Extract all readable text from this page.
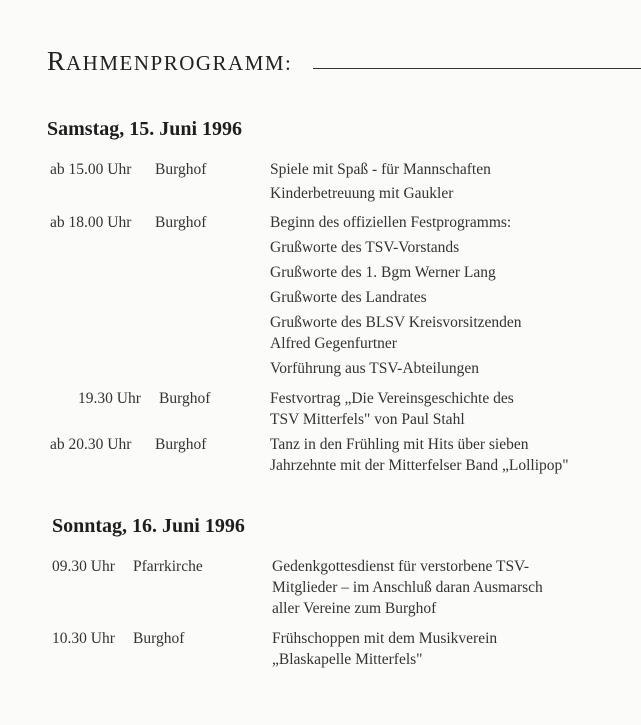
RAHMENPROGRAMM:
Samstag, 15. Juni 1996
ab 15.00 Uhr Burghof	Spiele mit Spaß - für Mannschaften
Kinderbetreuung mit Gaukler
ab 18.00 Uhr Burghof	Beginn des offiziellen Festprogramms:
Grußworte des TSV-Vorstands
Grußworte des 1. Bgm Werner Lang
Grußworte des Landrates
Grußworte des BLSV Kreisvorsitzenden
Alfred Gegenfurtner
Vorführung aus TSV-Abteilungen
19.30 Uhr Burghof	Festvortrag „Die Vereinsgeschichte des
TSV Mitterfels" von Paul Stahl
ab 20.30 Uhr Burghof	Tanz in den Frühling mit Hits über sieben
Jahrzehnte mit der Mitterfelser Band „Lollipop"
Sonntag, 16. Juni 1996
09.30 Uhr Pfarrkirche	Gedenkgottesdienst für verstorbene TSV-
Mitglieder – im Anschluß daran Ausmarsch
aller Vereine zum Burghof
10.30 Uhr Burghof	Frühschoppen mit dem Musikverein
„Blaskapelle Mitterfels"
